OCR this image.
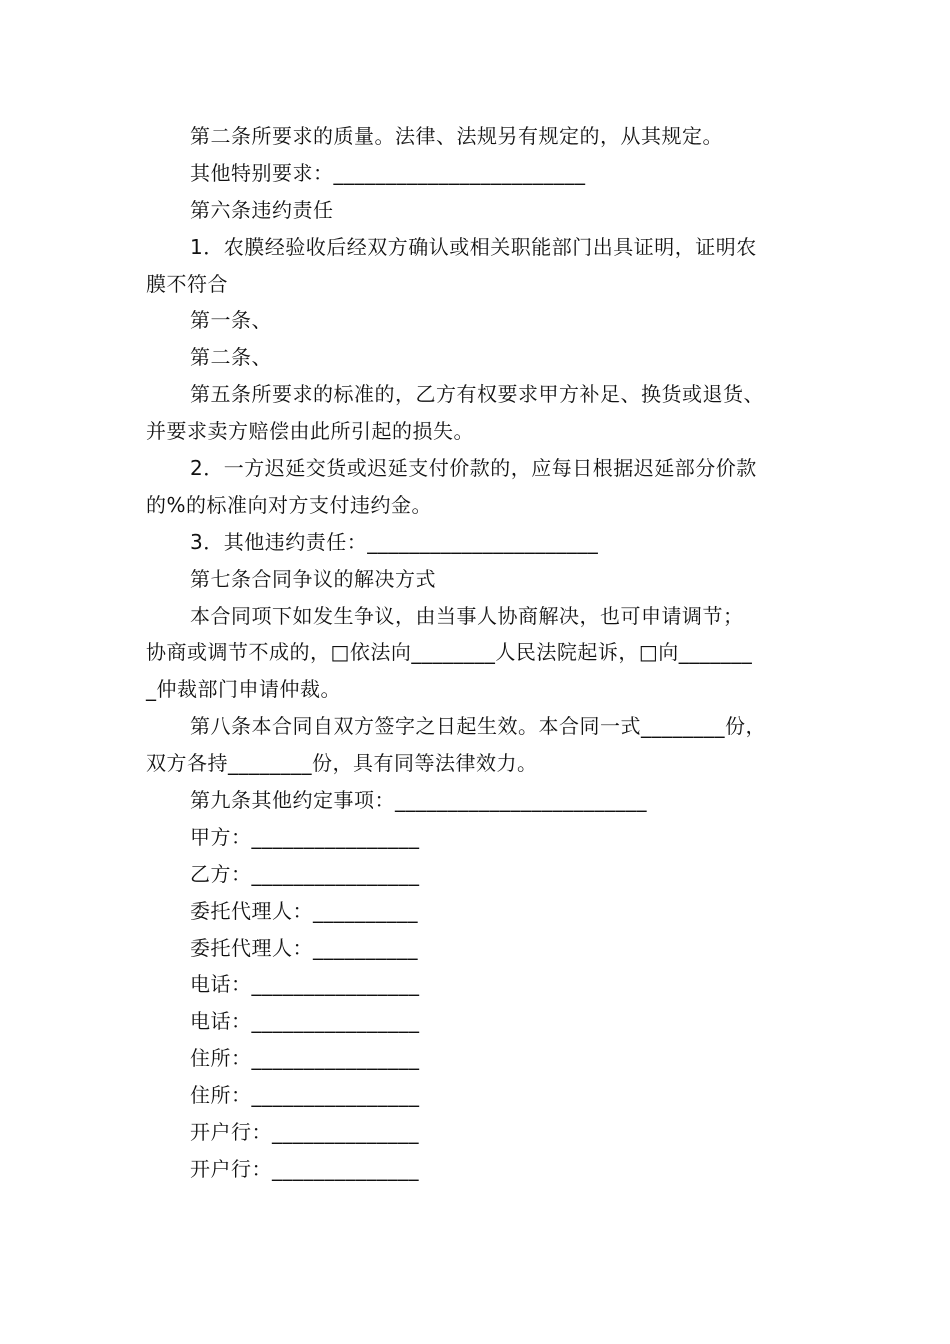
第二条所要求的质量。法律、法规另有规定的，从其规定。
其他特别要求：________________________
第六条违约责任
1．农膜经验收后经双方确认或相关职能部门出具证明，证明农
膜不符合
第一条、
第二条、
第五条所要求的标准的，乙方有权要求甲方补足、换货或退货、
并要求卖方赔偿由此所引起的损失。
2．一方迟延交货或迟延支付价款的，应每日根据迟延部分价款
的%的标准向对方支付违约金。
3．其他违约责任：______________________
第七条合同争议的解决方式
本合同项下如发生争议，由当事人协商解决，也可申请调节；
协商或调节不成的，□依法向________人民法院起诉，□向_______
_仲裁部门申请仲裁。
第八条本合同自双方签字之日起生效。本合同一式________份，
双方各持________份，具有同等法律效力。
第九条其他约定事项：________________________
甲方：________________
乙方：________________
委托代理人：__________
委托代理人：__________
电话：________________
电话：________________
住所：________________
住所：________________
开户行：______________
开户行：______________
